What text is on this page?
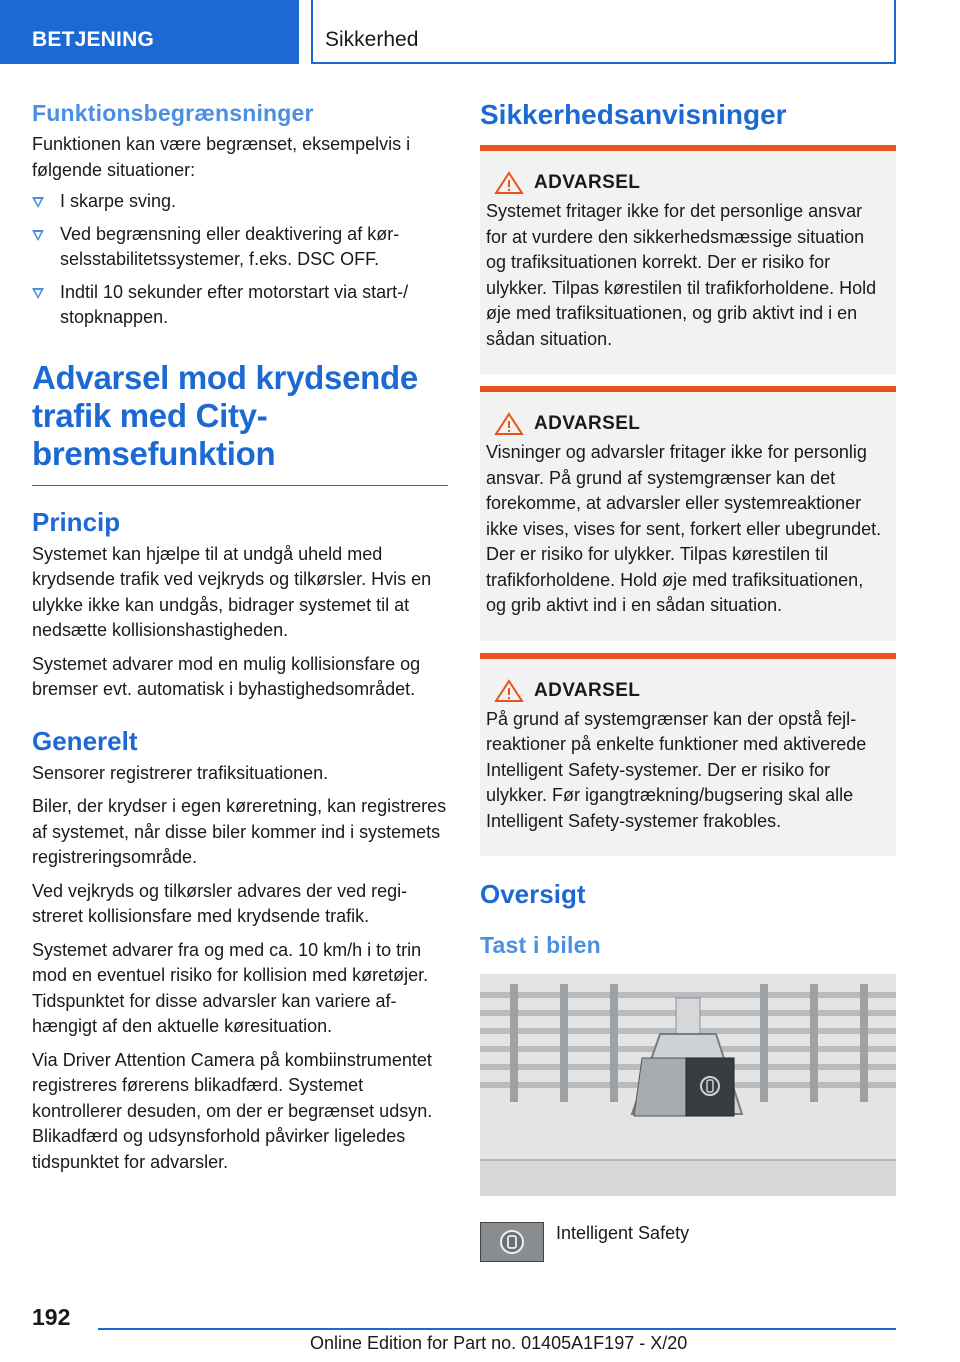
BETJENING	Sikkerhed
Funktionsbegrænsninger

Funktionen kan være begrænset, eksempelvis i følgende situationer:

I skarpe sving.
Ved begrænsning eller deaktivering af kørselsstabilitetssystemer, f.eks. DSC OFF.
Indtil 10 sekunder efter motorstart via start-/ stopknappen.
Advarsel mod krydsende trafik med City-bremsefunktion
Princip

Systemet kan hjælpe til at undgå uheld med krydsende trafik ved vejkryds og tilkørsler. Hvis en ulykke ikke kan undgås, bidrager systemet til at nedsætte kollisionshastigheden.

Systemet advarer mod en mulig kollisionsfare og bremser evt. automatisk i byhastighedsområdet.

Generelt

Sensorer registrerer trafiksituationen.

Biler, der krydser i egen køreretning, kan registreres af systemet, når disse biler kommer ind i systemets registreringsområde.

Ved vejkryds og tilkørsler advares der ved registreret kollisionsfare med krydsende trafik.

Systemet advarer fra og med ca. 10 km/h i to trin mod en eventuel risiko for kollision med køretøjer. Tidspunktet for disse advarsler kan variere afhængigt af den aktuelle køresituation.

Via Driver Attention Camera på kombiinstrumentet registreres førerens blikadfærd. Systemet kontrollerer desuden, om der er begrænset udsyn. Blikadfærd og udsynsforhold påvirker ligeledes tidspunktet for advarsler.

Sikkerhedsanvisninger
ADVARSEL

Systemet fritager ikke for det personlige ansvar for at vurdere den sikkerhedsmæssige situation og trafiksituationen korrekt. Der er risiko for ulykker. Tilpas kørestilen til trafikforholdene. Hold øje med trafiksituationen, og grib aktivt ind i en sådan situation.

ADVARSEL

Visninger og advarsler fritager ikke for personlig ansvar. På grund af systemgrænser kan det forekomme, at advarsler eller systemreaktioner ikke vises, vises for sent, forkert eller ubegrundet. Der er risiko for ulykker. Tilpas kørestilen til trafikforholdene. Hold øje med trafiksituationen, og grib aktivt ind i en sådan situation.

ADVARSEL

På grund af systemgrænser kan der opstå fejlreaktioner på enkelte funktioner med aktiverede Intelligent Safety-systemer. Der er risiko for ulykker. Før igangtrækning/bugsering skal alle Intelligent Safety-systemer frakobles.

Oversigt
Tast i bilen
Intelligent Safety
192
Online Edition for Part no. 01405A1F197 - X/20
